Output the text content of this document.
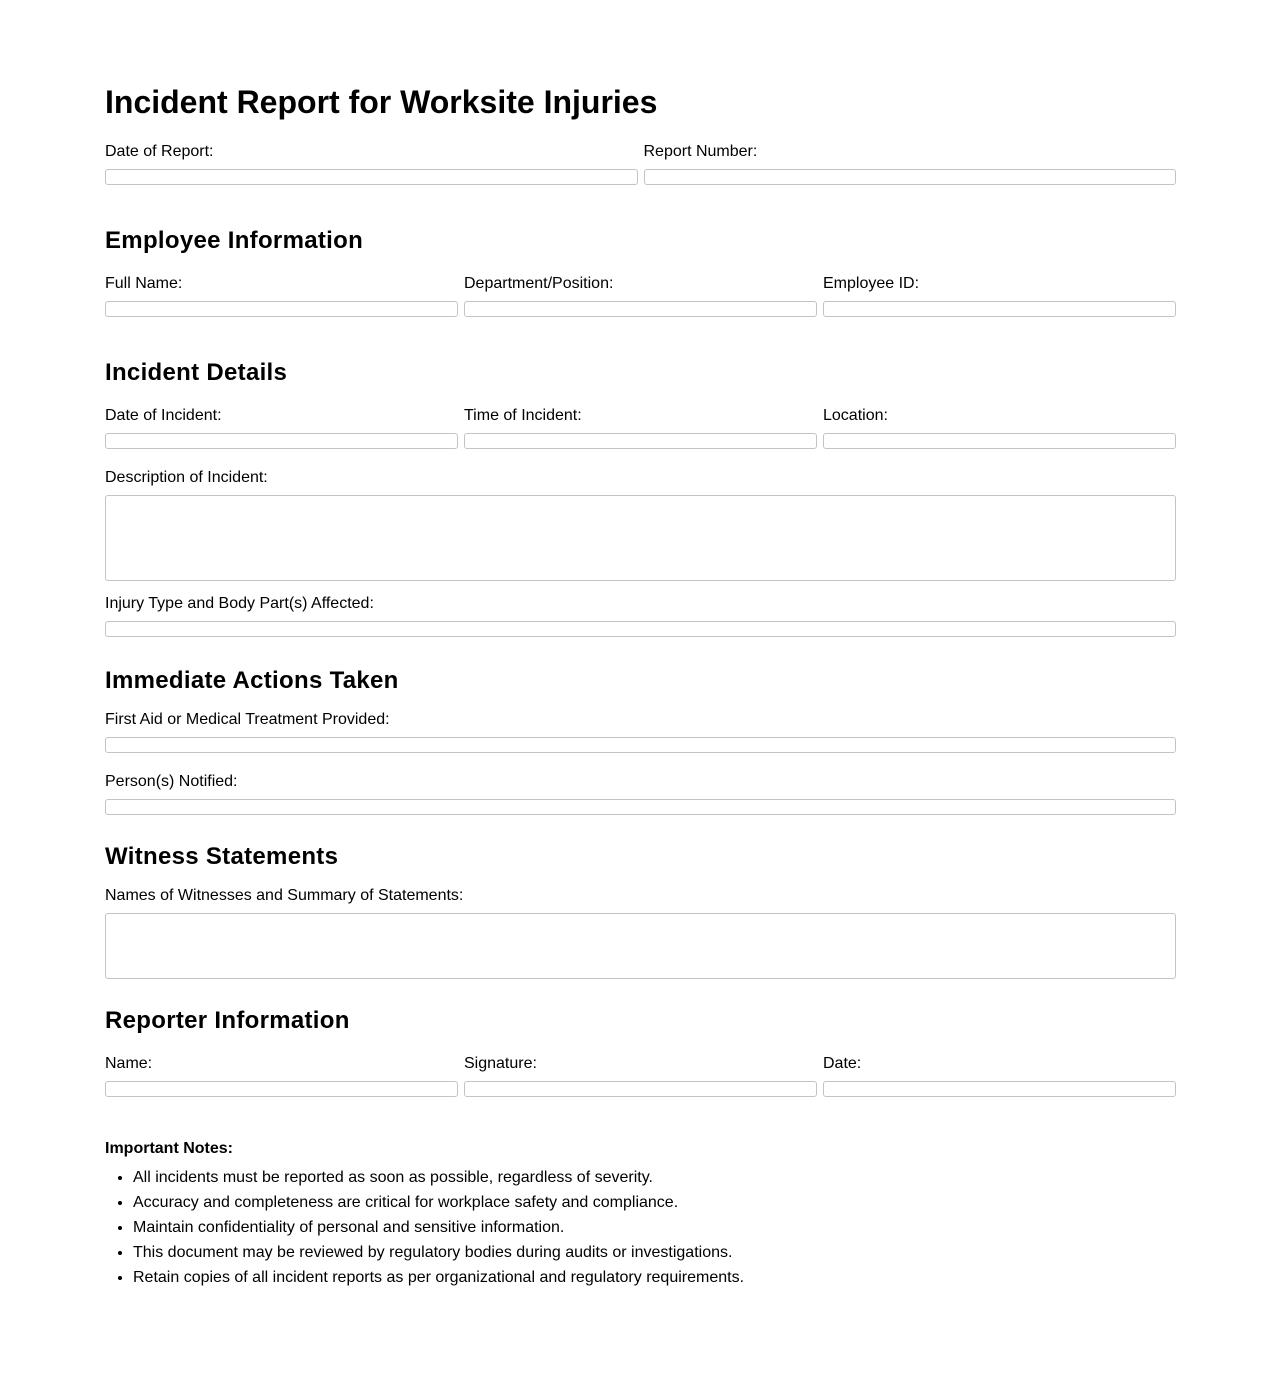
Incident Report for Worksite Injuries
Date of Report:	Report Number:
Employee Information
Full Name:	Department/Position:	Employee ID:
Incident Details
Date of Incident:	Time of Incident:	Location:
Description of Incident:
Injury Type and Body Part(s) Affected:
Immediate Actions Taken
First Aid or Medical Treatment Provided:
Person(s) Notified:
Witness Statements
Names of Witnesses and Summary of Statements:
Reporter Information
Name:	Signature:	Date:
Important Notes:
• All incidents must be reported as soon as possible, regardless of severity.
• Accuracy and completeness are critical for workplace safety and compliance.
• Maintain confidentiality of personal and sensitive information.
• This document may be reviewed by regulatory bodies during audits or investigations.
• Retain copies of all incident reports as per organizational and regulatory requirements.
